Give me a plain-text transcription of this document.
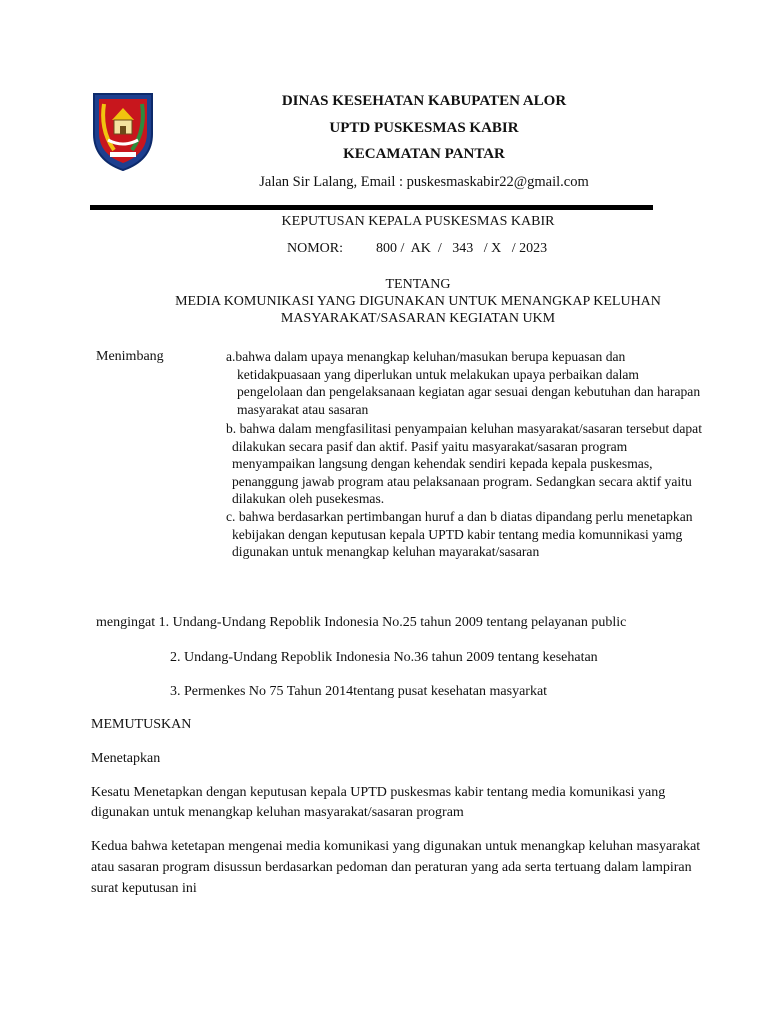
DINAS KESEHATAN KABUPATEN ALOR
UPTD PUSKESMAS KABIR
KECAMATAN PANTAR
Jalan Sir Lalang, Email : puskesmaskabir22@gmail.com
KEPUTUSAN KEPALA PUSKESMAS KABIR
NOMOR: 800 /  AK  /   343   / X   / 2023
TENTANG
MEDIA KOMUNIKASI YANG DIGUNAKAN UNTUK MENANGKAP KELUHAN
MASYARAKAT/SASARAN KEGIATAN UKM
Menimbang	a.bahwa dalam upaya menangkap keluhan/masukan berupa kepuasan dan
ketidakpuasaan yang diperlukan untuk melakukan upaya perbaikan dalam
pengelolaan dan pengelaksanaan kegiatan agar sesuai dengan kebutuhan dan harapan
masyarakat atau sasaran
b. bahwa dalam mengfasilitasi penyampaian keluhan masyarakat/sasaran tersebut dapat
dilakukan secara pasif dan aktif. Pasif yaitu masyarakat/sasaran program
menyampaikan langsung dengan kehendak sendiri kepada kepala puskesmas,
penanggung jawab program atau pelaksanaan program. Sedangkan secara aktif yaitu
dilakukan oleh pusekesmas.
c. bahwa berdasarkan pertimbangan huruf a dan b diatas dipandang perlu menetapkan
kebijakan dengan keputusan kepala UPTD kabir tentang media komunnikasi yamg
digunakan untuk menangkap keluhan mayarakat/sasaran
mengingat 1. Undang-Undang Repoblik Indonesia No.25 tahun 2009 tentang pelayanan public
2. Undang-Undang Repoblik Indonesia No.36 tahun 2009 tentang kesehatan
3. Permenkes No 75 Tahun 2014tentang pusat kesehatan masyarkat
MEMUTUSKAN
Menetapkan
Kesatu Menetapkan dengan keputusan kepala UPTD puskesmas kabir tentang media komunikasi yang
digunakan untuk menangkap keluhan masyarakat/sasaran program
Kedua bahwa ketetapan mengenai media komunikasi yang digunakan untuk menangkap keluhan masyarakat
atau sasaran program disussun berdasarkan pedoman dan peraturan yang ada serta tertuang dalam lampiran
surat keputusan ini
